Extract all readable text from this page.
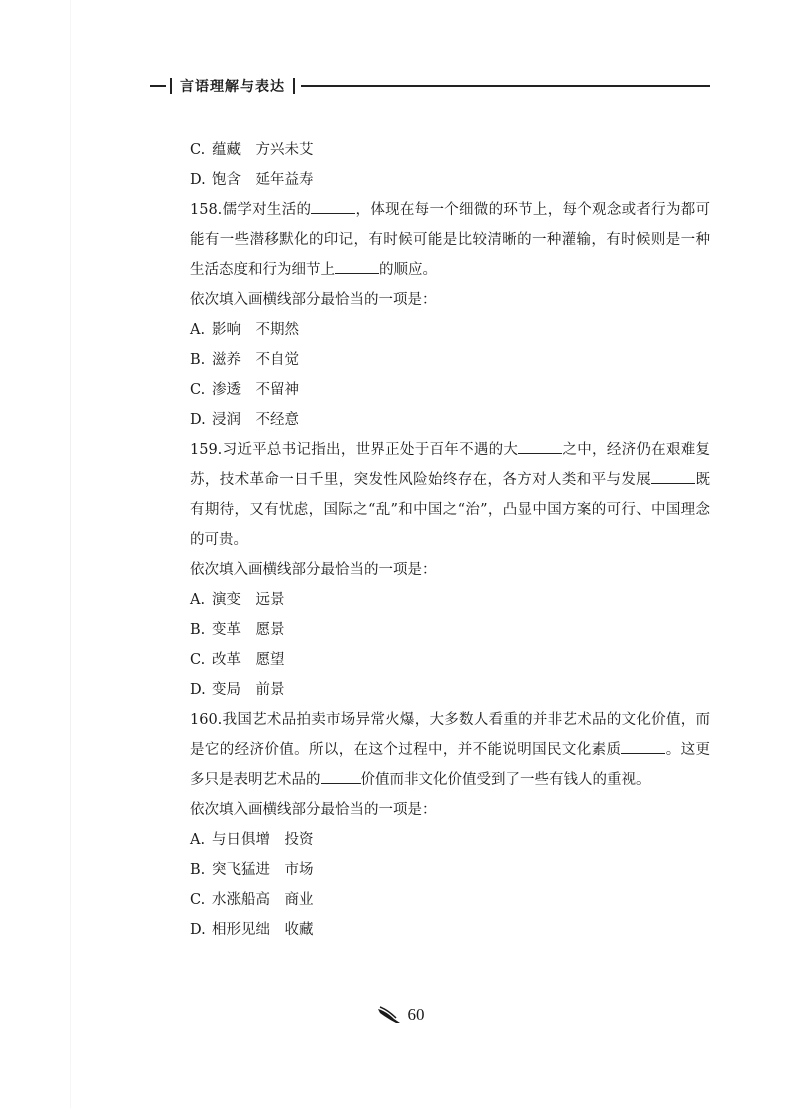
言语理解与表达
C. 蕴藏　方兴未艾
D. 饱含　延年益寿
158.儒学对生活的	，体现在每一个细微的环节上，每个观念或者行为都可能有一些潜移默化的印记，有时候可能是比较清晰的一种灌输，有时候则是一种生活态度和行为细节上	的顺应。
依次填入画横线部分最恰当的一项是：
A. 影响　不期然
B. 滋养　不自觉
C. 渗透　不留神
D. 浸润　不经意
159.习近平总书记指出，世界正处于百年不遇的大	之中，经济仍在艰难复苏，技术革命一日千里，突发性风险始终存在，各方对人类和平与发展	既有期待，又有忧虑，国际之“乱”和中国之“治”，凸显中国方案的可行、中国理念的可贵。
依次填入画横线部分最恰当的一项是：
A. 演变　远景
B. 变革　愿景
C. 改革　愿望
D. 变局　前景
160.我国艺术品拍卖市场异常火爆，大多数人看重的并非艺术品的文化价值，而是它的经济价值。所以，在这个过程中，并不能说明国民文化素质	。这更多只是表明艺术品的	价值而非文化价值受到了一些有钱人的重视。
依次填入画横线部分最恰当的一项是：
A. 与日俱增　投资
B. 突飞猛进　市场
C. 水涨船高　商业
D. 相形见绌　收藏
60
